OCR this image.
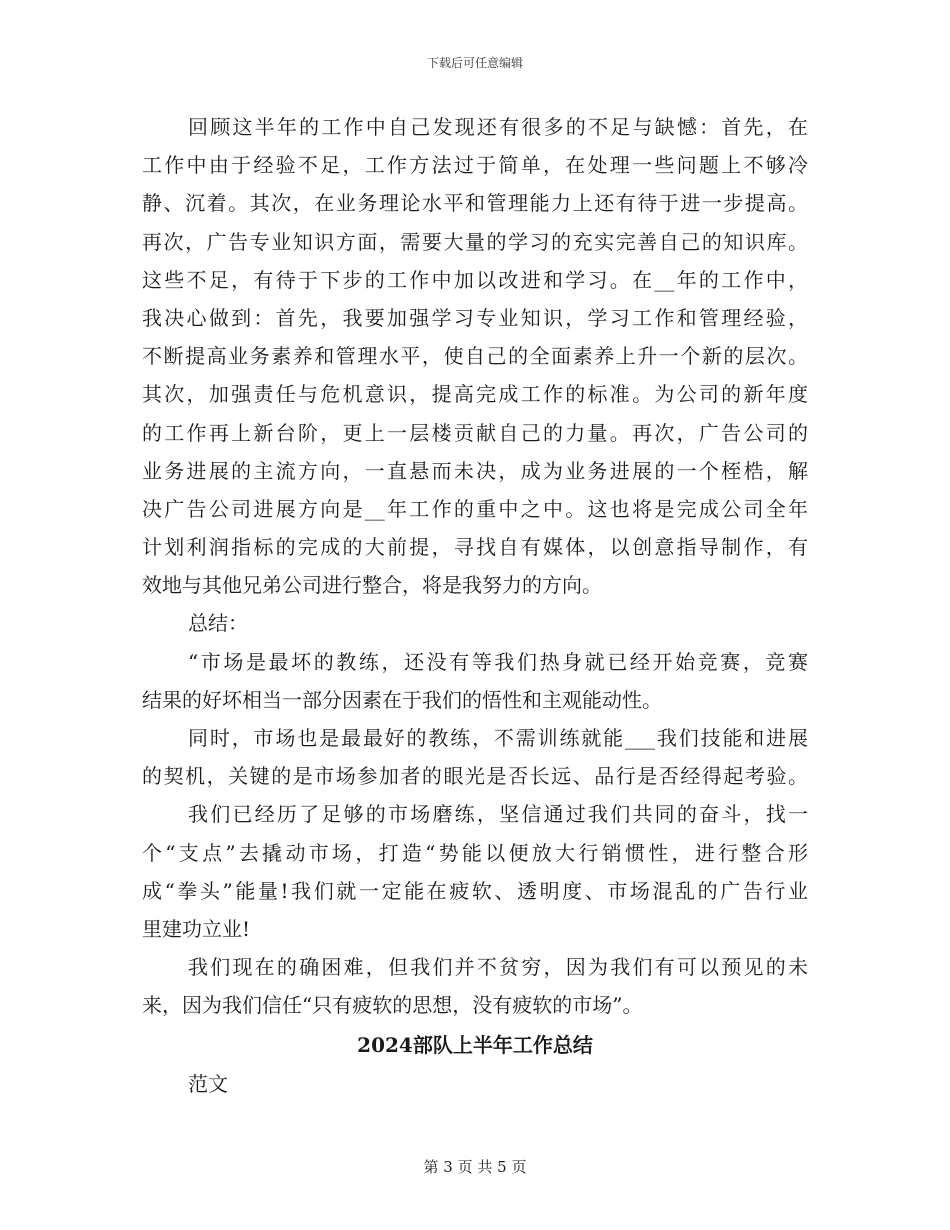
下载后可任意编辑
回顾这半年的工作中自己发现还有很多的不足与缺憾：首先，在
工作中由于经验不足，工作方法过于简单，在处理一些问题上不够冷
静、沉着。其次，在业务理论水平和管理能力上还有待于进一步提高。
再次，广告专业知识方面，需要大量的学习的充实完善自己的知识库。
这些不足，有待于下步的工作中加以改进和学习。在__年的工作中，
我决心做到：首先，我要加强学习专业知识，学习工作和管理经验，
不断提高业务素养和管理水平，使自己的全面素养上升一个新的层次。
其次，加强责任与危机意识，提高完成工作的标准。为公司的新年度
的工作再上新台阶，更上一层楼贡献自己的力量。再次，广告公司的
业务进展的主流方向，一直悬而未决，成为业务进展的一个桎梏，解
决广告公司进展方向是__年工作的重中之中。这也将是完成公司全年
计划利润指标的完成的大前提，寻找自有媒体，以创意指导制作，有
效地与其他兄弟公司进行整合，将是我努力的方向。
总结：
“市场是最坏的教练，还没有等我们热身就已经开始竞赛，竞赛
结果的好坏相当一部分因素在于我们的悟性和主观能动性。
同时，市场也是最最好的教练，不需训练就能___我们技能和进展
的契机，关键的是市场参加者的眼光是否长远、品行是否经得起考验。
我们已经历了足够的市场磨练，坚信通过我们共同的奋斗，找一
个“支点”去撬动市场，打造“势能以便放大行销惯性，进行整合形
成“拳头”能量!我们就一定能在疲软、透明度、市场混乱的广告行业
里建功立业!
我们现在的确困难，但我们并不贫穷，因为我们有可以预见的未
来，因为我们信任“只有疲软的思想，没有疲软的市场”。
2024部队上半年工作总结
范文
第 3 页 共 5 页
